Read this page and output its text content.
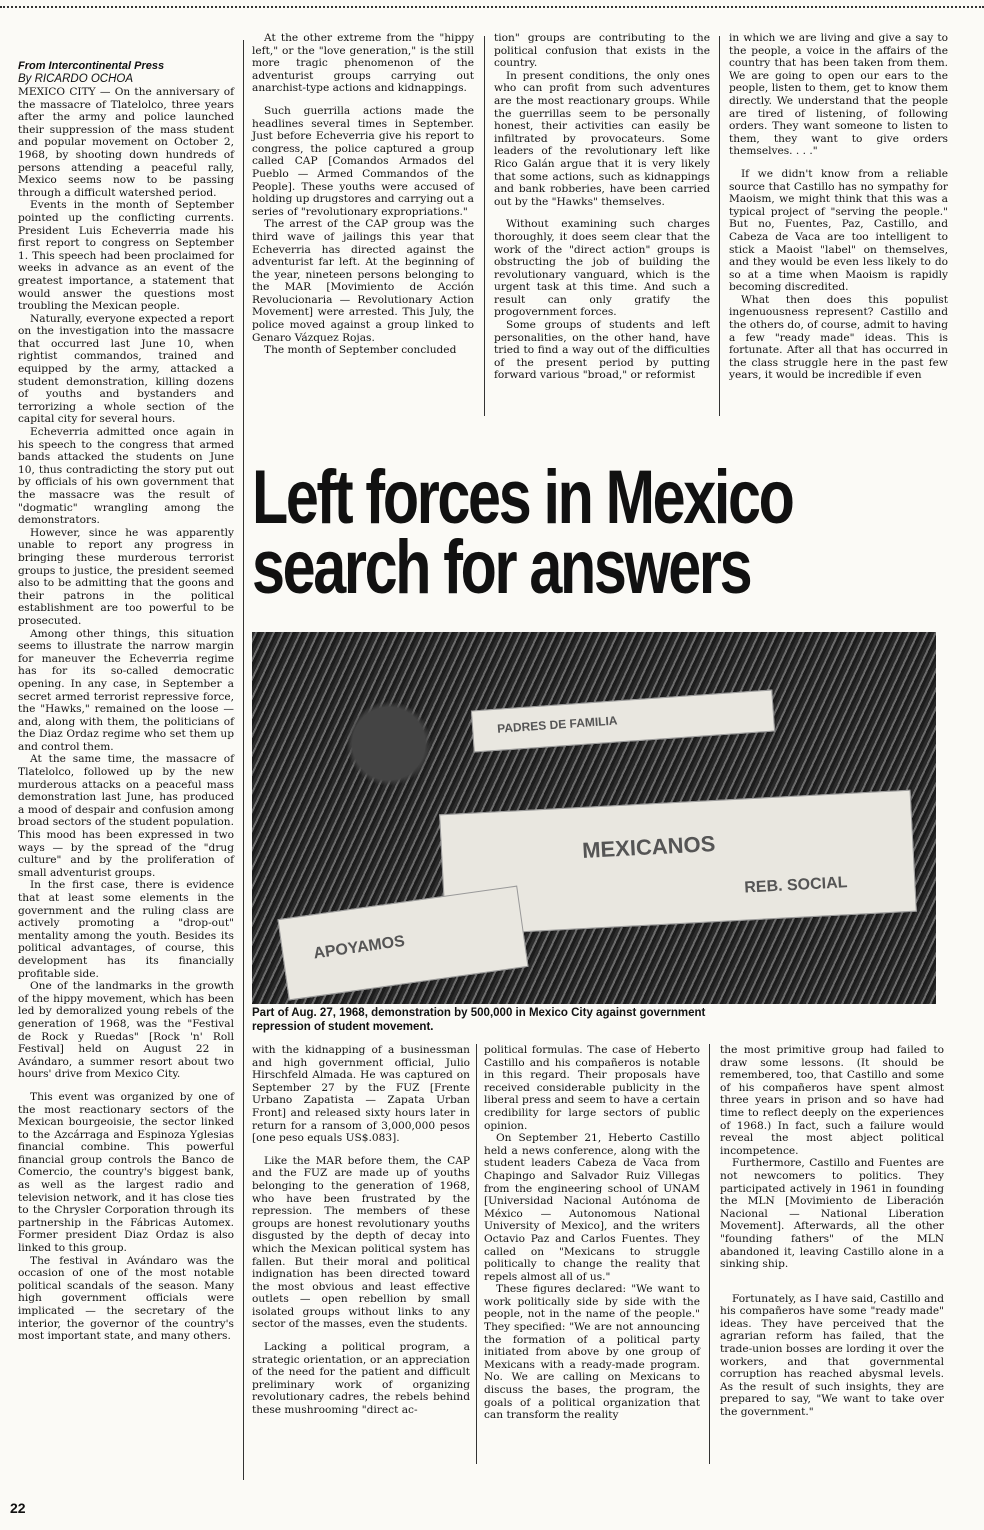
From Intercontinental Press
By RICARDO OCHOA

MEXICO CITY — On the anniversary of the massacre of Tlatelolco, three years after the army and police launched their suppression of the mass student and popular movement on October 2, 1968, by shooting down hundreds of persons attending a peaceful rally, Mexico seems now to be passing through a difficult watershed period.

Events in the month of September pointed up the conflicting currents. President Luis Echeverria made his first report to congress on September 1. This speech had been proclaimed for weeks in advance as an event of the greatest importance, a statement that would answer the questions most troubling the Mexican people.

Naturally, everyone expected a report on the investigation into the massacre that occurred last June 10, when rightist commandos, trained and equipped by the army, attacked a student demonstration, killing dozens of youths and bystanders and terrorizing a whole section of the capital city for several hours.

Echeverria admitted once again in his speech to the congress that armed bands attacked the students on June 10, thus contradicting the story put out by officials of his own government that the massacre was the result of "dogmatic" wrangling among the demonstrators.

However, since he was apparently unable to report any progress in bringing these murderous terrorist groups to justice, the president seemed also to be admitting that the goons and their patrons in the political establishment are too powerful to be prosecuted.

Among other things, this situation seems to illustrate the narrow margin for maneuver the Echeverria regime has for its so-called democratic opening. In any case, in September a secret armed terrorist repressive force, the "Hawks," remained on the loose — and, along with them, the politicians of the Diaz Ordaz regime who set them up and control them.

At the same time, the massacre of Tlatelolco, followed up by the new murderous attacks on a peaceful mass demonstration last June, has produced a mood of despair and confusion among broad sectors of the student population. This mood has been expressed in two ways — by the spread of the "drug culture" and by the proliferation of small adventurist groups.

In the first case, there is evidence that at least some elements in the government and the ruling class are actively promoting a "drop-out" mentality among the youth. Besides its political advantages, of course, this development has its financially profitable side.

One of the landmarks in the growth of the hippy movement, which has been led by demoralized young rebels of the generation of 1968, was the "Festival de Rock y Ruedas" [Rock 'n' Roll Festival] held on August 22 in Avándaro, a summer resort about two hours' drive from Mexico City.

This event was organized by one of the most reactionary sectors of the Mexican bourgeoisie, the sector linked to the Azcárraga and Espinoza Yglesias financial combine. This powerful financial group controls the Banco de Comercio, the country's biggest bank, as well as the largest radio and television network, and it has close ties to the Chrysler Corporation through its partnership in the Fábricas Automex. Former president Diaz Ordaz is also linked to this group.

The festival in Avándaro was the occasion of one of the most notable political scandals of the season. Many high government officials were implicated — the secretary of the interior, the governor of the country's most important state, and many others.

At the other extreme from the "hippy left," or the "love generation," is the still more tragic phenomenon of the adventurist groups carrying out anarchist-type actions and kidnappings.

Such guerrilla actions made the headlines several times in September. Just before Echeverria give his report to congress, the police captured a group called CAP [Comandos Armados del Pueblo — Armed Commandos of the People]. These youths were accused of holding up drugstores and carrying out a series of "revolutionary expropriations."

The arrest of the CAP group was the third wave of jailings this year that Echeverria has directed against the adventurist far left. At the beginning of the year, nineteen persons belonging to the MAR [Movimiento de Acción Revolucionaria — Revolutionary Action Movement] were arrested. This July, the police moved against a group linked to Genaro Vázquez Rojas.

The month of September concluded

tion" groups are contributing to the political confusion that exists in the country.

In present conditions, the only ones who can profit from such adventures are the most reactionary groups. While the guerrillas seem to be personally honest, their activities can easily be infiltrated by provocateurs. Some leaders of the revolutionary left like Rico Galán argue that it is very likely that some actions, such as kidnappings and bank robberies, have been carried out by the "Hawks" themselves.

Without examining such charges thoroughly, it does seem clear that the work of the "direct action" groups is obstructing the job of building the revolutionary vanguard, which is the urgent task at this time. And such a result can only gratify the progovernment forces.

Some groups of students and left personalities, on the other hand, have tried to find a way out of the difficulties of the present period by putting forward various "broad," or reformist

in which we are living and give a say to the people, a voice in the affairs of the country that has been taken from them. We are going to open our ears to the people, listen to them, get to know them directly. We understand that the people are tired of listening, of following orders. They want someone to listen to them, they want to give orders themselves. . . ."

If we didn't know from a reliable source that Castillo has no sympathy for Maoism, we might think that this was a typical project of "serving the people." But no, Fuentes, Paz, Castillo, and Cabeza de Vaca are too intelligent to stick a Maoist "label" on themselves, and they would be even less likely to do so at a time when Maoism is rapidly becoming discredited.

What then does this populist ingenuousness represent? Castillo and the others do, of course, admit to having a few "ready made" ideas. This is fortunate. After all that has occurred in the class struggle here in the past few years, it would be incredible if even

Left forces in Mexico
search for answers
PADRES DE FAMILIA
MEXICANOS
REB. SOCIAL
APOYAMOS
Part of Aug. 27, 1968, demonstration by 500,000 in Mexico City against government repression of student movement.

with the kidnapping of a businessman and high government official, Julio Hirschfeld Almada. He was captured on September 27 by the FUZ [Frente Urbano Zapatista — Zapata Urban Front] and released sixty hours later in return for a ransom of 3,000,000 pesos [one peso equals US$.083].

Like the MAR before them, the CAP and the FUZ are made up of youths belonging to the generation of 1968, who have been frustrated by the repression. The members of these groups are honest revolutionary youths disgusted by the depth of decay into which the Mexican political system has fallen. But their moral and political indignation has been directed toward the most obvious and least effective outlets — open rebellion by small isolated groups without links to any sector of the masses, even the students.

Lacking a political program, a strategic orientation, or an appreciation of the need for the patient and difficult preliminary work of organizing revolutionary cadres, the rebels behind these mushrooming "direct ac-

political formulas. The case of Heberto Castillo and his compañeros is notable in this regard. Their proposals have received considerable publicity in the liberal press and seem to have a certain credibility for large sectors of public opinion.

On September 21, Heberto Castillo held a news conference, along with the student leaders Cabeza de Vaca from Chapingo and Salvador Ruiz Villegas from the engineering school of UNAM [Universidad Nacional Autónoma de México — Autonomous National University of Mexico], and the writers Octavio Paz and Carlos Fuentes. They called on "Mexicans to struggle politically to change the reality that repels almost all of us."

These figures declared: "We want to work politically side by side with the people, not in the name of the people." They specified: "We are not announcing the formation of a political party initiated from above by one group of Mexicans with a ready-made program. No. We are calling on Mexicans to discuss the bases, the program, the goals of a political organization that can transform the reality

the most primitive group had failed to draw some lessons. (It should be remembered, too, that Castillo and some of his compañeros have spent almost three years in prison and so have had time to reflect deeply on the experiences of 1968.) In fact, such a failure would reveal the most abject political incompetence.

Furthermore, Castillo and Fuentes are not newcomers to politics. They participated actively in 1961 in founding the MLN [Movimiento de Liberación Nacional — National Liberation Movement]. Afterwards, all the other "founding fathers" of the MLN abandoned it, leaving Castillo alone in a sinking ship.

Fortunately, as I have said, Castillo and his compañeros have some "ready made" ideas. They have perceived that the agrarian reform has failed, that the trade-union bosses are lording it over the workers, and that governmental corruption has reached abysmal levels. As the result of such insights, they are prepared to say, "We want to take over the government."

22
